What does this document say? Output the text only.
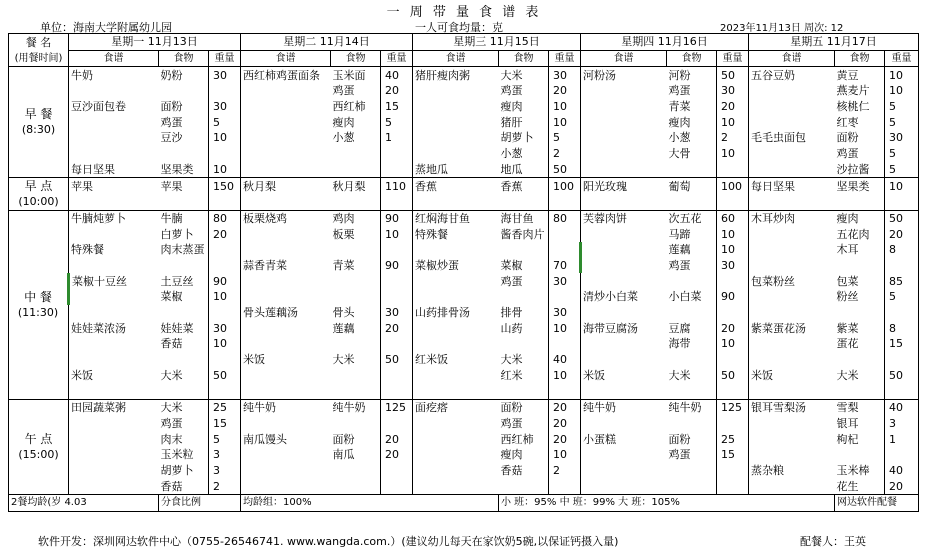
一 周 带 量 食 谱 表
单位：海南大学附属幼儿园	一人可食均量：克	2023年11月13日 周次: 12
餐 名	星期一 11月13日			星期二 11月14日			星期三 11月15日			星期四 11月16日			星期五 11月17日		
(用餐时间)	食谱	食物	重量	食谱	食物	重量	食谱	食物	重量	食谱	食物	重量	食谱	食物	重量

早 餐
(8:30)	牛奶	奶粉	30	西红柿鸡蛋面条	玉米面	40	猪肝瘦肉粥	大米	30	河粉汤	河粉	50	五谷豆奶	黄豆	10
					鸡蛋	20		鸡蛋	20		鸡蛋	30		燕麦片	10
	豆沙面包卷	面粉	30		西红柿	15		瘦肉	10		青菜	20		核桃仁	5
		鸡蛋	5		瘦肉	5		猪肝	10		瘦肉	10		红枣	5
		豆沙	10		小葱	1		胡萝卜	5		小葱	2	毛毛虫面包	面粉	30
								小葱	2		大骨	10		鸡蛋	5
	每日坚果	坚果类	10				蒸地瓜	地瓜	50					沙拉酱	5

早 点
(10:00)	苹果	苹果	150	秋月梨	秋月梨	110	香蕉	香蕉	100	阳光玫瑰	葡萄	100	每日坚果	坚果类	10

中 餐
(11:30)	牛腩炖萝卜	牛腩	80	板栗烧鸡	鸡肉	90	红焖海甘鱼	海甘鱼	80	芙蓉肉饼	次五花	60	木耳炒肉	瘦肉	50
		白萝卜	20		板栗	10	特殊餐	酱香肉片			马蹄	10		五花肉	20
	特殊餐	肉末蒸蛋									莲藕	10		木耳	8
				蒜香青菜	青菜	90	菜椒炒蛋	菜椒	70		鸡蛋	30			
	菜椒十豆丝	土豆丝	90					鸡蛋	30				包菜粉丝	包菜	85
		菜椒	10							清炒小白菜	小白菜	90		粉丝	5
				骨头莲藕汤	骨头	30	山药排骨汤	排骨	30						
	娃娃菜浓汤	娃娃菜	30		莲藕	20		山药	10	海带豆腐汤	豆腐	20	紫菜蛋花汤	紫菜	8
		香菇	10								海带	10		蛋花	15
				米饭	大米	50	红米饭	大米	40						
	米饭	大米	50					红米	10	米饭	大米	50	米饭	大米	50

午 点
(15:00)	田园蔬菜粥	大米	25	纯牛奶	纯牛奶	125	面疙瘩	面粉	20	纯牛奶	纯牛奶	125	银耳雪梨汤	雪梨	40
		鸡蛋	15					鸡蛋	20					银耳	3
		肉末	5	南瓜馒头	面粉	20		西红柿	20	小蛋糕	面粉	25		枸杞	1
		玉米粒	3		南瓜	20		瘦肉	10		鸡蛋	15			
		胡萝卜	3					香菇	2				蒸杂粮	玉米棒	40
		香菇	2											花生	20
2餐均龄(岁 4.03		分食比例		均龄组：100%				小 班：95% 中 班：99% 大 班：105%						网达软件配餐	
软件开发：深圳网达软件中心（0755-26546741. www.wangda.com.）(建议幼儿每天在家饮奶5碗,以保证钙摄入量)	配餐人：王英
